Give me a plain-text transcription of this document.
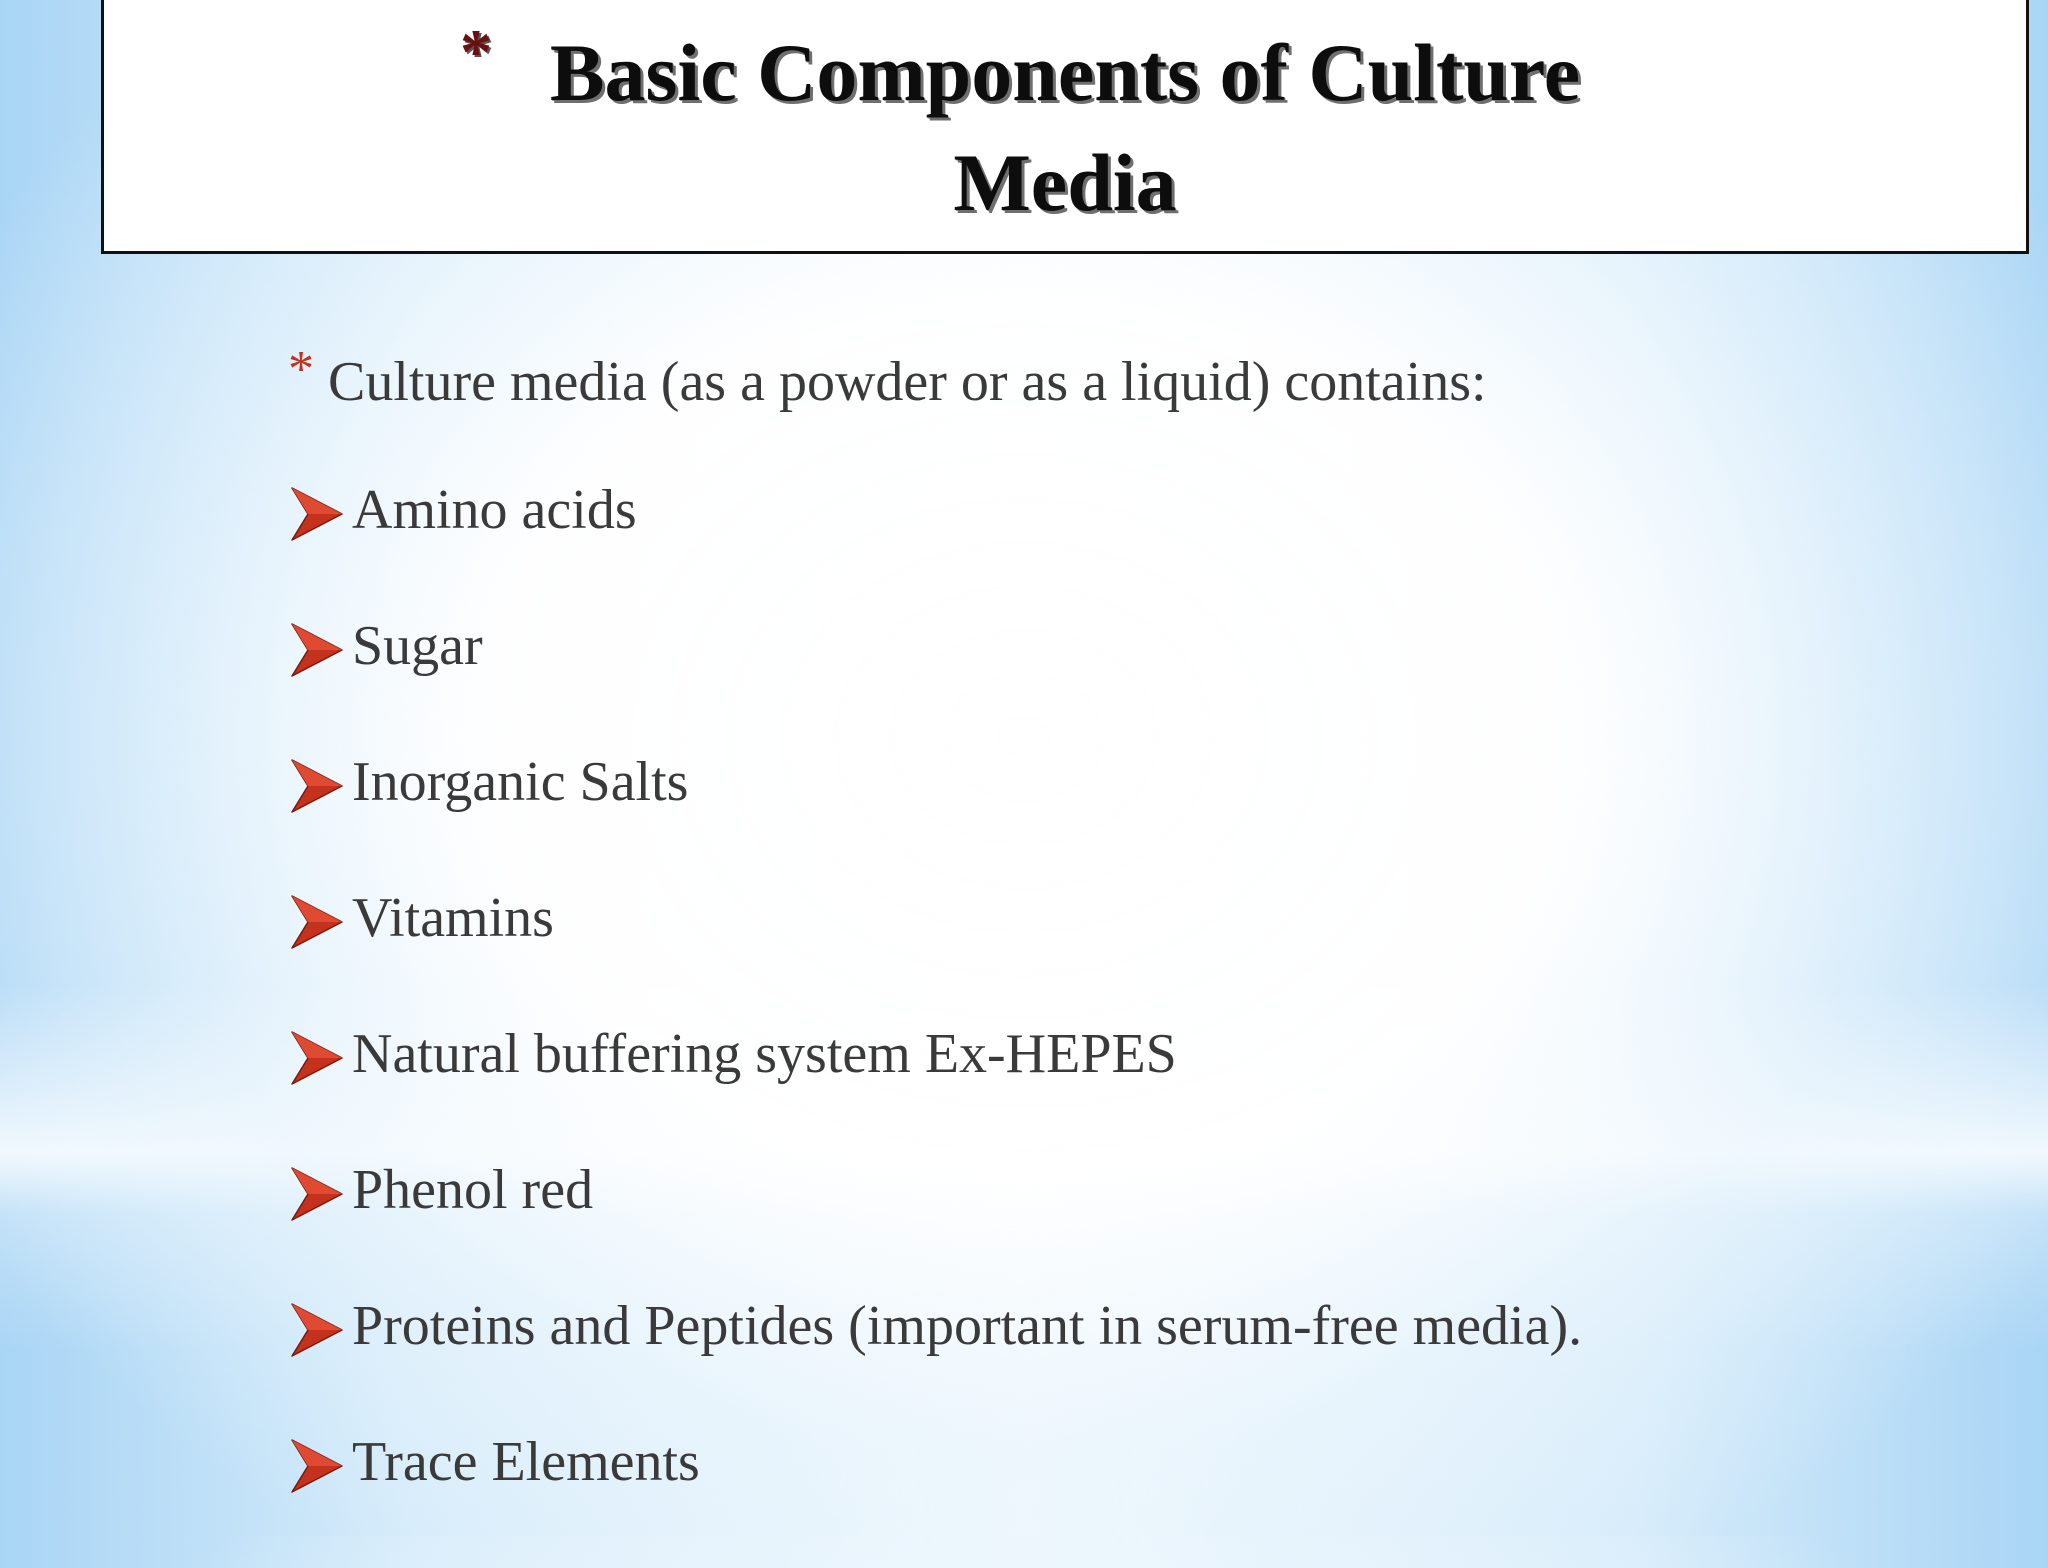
* Basic Components of Culture
Media
* Culture media (as a powder or as a liquid) contains:
Amino acids
Sugar
Inorganic Salts
Vitamins
Natural buffering system Ex-HEPES
Phenol red
Proteins and Peptides (important in serum-free media).
Trace Elements
